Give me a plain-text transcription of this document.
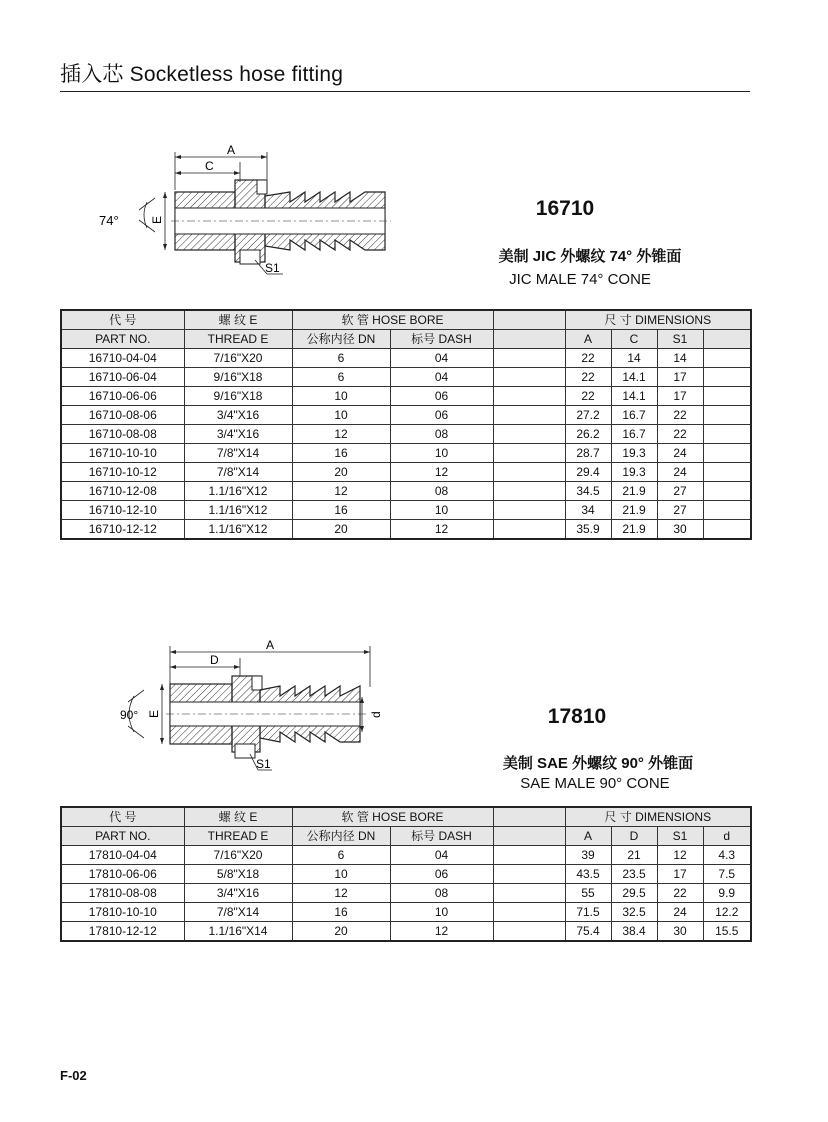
插入芯 Socketless hose fitting
A
C
E
74°
S1
16710
美制 JIC 外螺纹 74° 外锥面
JIC MALE 74° CONE
代 号	螺 纹 E	软 管 HOSE BORE			尺 寸 DIMENSIONS			
PART NO.	THREAD E	公称内径 DN	标号 DASH		A	C	S1	
16710-04-04	7/16"X20	6	04		22	14	14	
16710-06-04	9/16"X18	6	04		22	14.1	17	
16710-06-06	9/16"X18	10	06		22	14.1	17	
16710-08-06	3/4"X16	10	06		27.2	16.7	22	
16710-08-08	3/4"X16	12	08		26.2	16.7	22	
16710-10-10	7/8"X14	16	10		28.7	19.3	24	
16710-10-12	7/8"X14	20	12		29.4	19.3	24	
16710-12-08	1.1/16"X12	12	08		34.5	21.9	27	
16710-12-10	1.1/16"X12	16	10		34	21.9	27	
16710-12-12	1.1/16"X12	20	12		35.9	21.9	30	
A
D
E	d
90°
S1
17810
美制 SAE 外螺纹 90° 外锥面
SAE MALE 90° CONE
代 号	螺 纹 E	软 管 HOSE BORE			尺 寸 DIMENSIONS			
PART NO.	THREAD E	公称内径 DN	标号 DASH		A	D	S1	d
17810-04-04	7/16"X20	6	04		39	21	12	4.3
17810-06-06	5/8"X18	10	06		43.5	23.5	17	7.5
17810-08-08	3/4"X16	12	08		55	29.5	22	9.9
17810-10-10	7/8"X14	16	10		71.5	32.5	24	12.2
17810-12-12	1.1/16"X14	20	12		75.4	38.4	30	15.5
F-02
